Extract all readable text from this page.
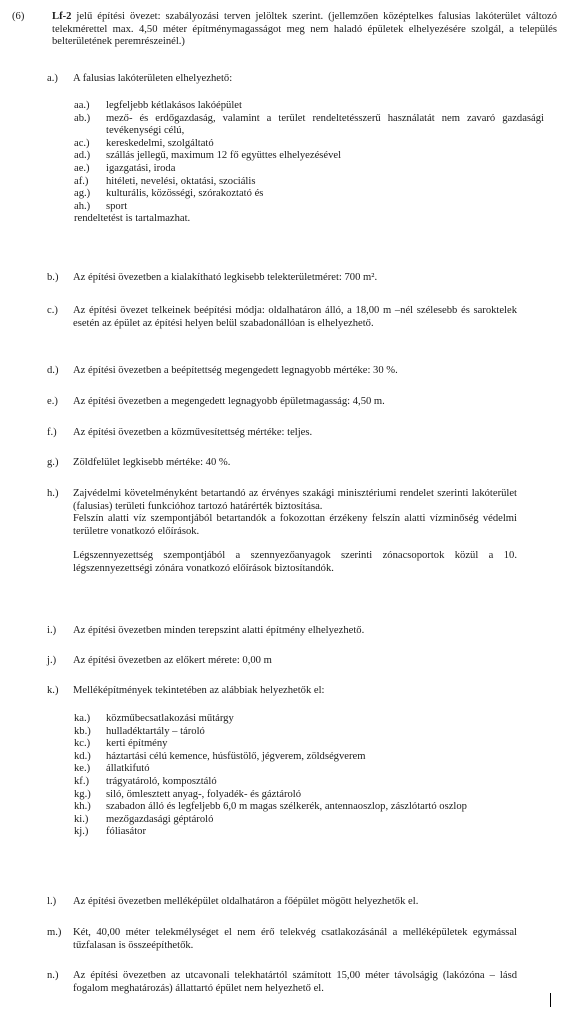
(6)	Lf-2 jelű építési övezet: szabályozási terven jelöltek szerint. (jellemzően középtelkes falusias lakóterület változó telekmérettel max. 4,50 méter építménymagasságot meg nem haladó épületek elhelyezésére szolgál, a település belterületének peremrészeinél.)
a.)	A falusias lakóterületen elhelyezhető:
aa.)	legfeljebb kétlakásos lakóépület
ab.)	mező- és erdőgazdaság, valamint a terület rendeltetésszerű használatát nem zavaró gazdasági tevékenységi célú,
ac.)	kereskedelmi, szolgáltató
ad.)	szállás jellegű, maximum 12 fő együttes elhelyezésével
ae.)	igazgatási, iroda
af.)	hitéleti, nevelési, oktatási, szociális
ag.)	kulturális, közösségi, szórakoztató és
ah.)	sport
rendeltetést is tartalmazhat.
b.)	Az építési övezetben a kialakítható legkisebb telekterületméret: 700 m².
c.)	Az építési övezet telkeinek beépítési módja: oldalhatáron álló, a 18,00 m –nél szélesebb és saroktelek esetén az épület az építési helyen belül szabadonállóan is elhelyezhető.
d.)	Az építési övezetben a beépítettség megengedett legnagyobb mértéke: 30 %.
e.)	Az építési övezetben a megengedett legnagyobb épületmagasság: 4,50 m.
f.)	Az építési övezetben a közművesítettség mértéke: teljes.
g.)	Zöldfelület legkisebb mértéke: 40 %.
h.)	Zajvédelmi követelményként betartandó az érvényes szakági minisztériumi rendelet szerinti lakóterület (falusias) területi funkcióhoz tartozó határérték biztosítása.

Felszín alatti víz szempontjából betartandók a fokozottan érzékeny felszín alatti vízminőség védelmi területre vonatkozó előírások.

Légszennyezettség szempontjából a szennyezőanyagok szerinti zónacsoportok közül a 10. légszennyezettségi zónára vonatkozó előírások biztosítandók.

i.)	Az építési övezetben minden terepszint alatti építmény elhelyezhető.
j.)	Az építési övezetben az előkert mérete: 0,00 m
k.)	Melléképítmények tekintetében az alábbiak helyezhetők el:
ka.)	közműbecsatlakozási műtárgy
kb.)	hulladéktartály – tároló
kc.)	kerti építmény
kd.)	háztartási célú kemence, húsfüstölő, jégverem, zöldségverem
ke.)	állatkifutó
kf.)	trágyatároló, komposztáló
kg.)	siló, ömlesztett anyag-, folyadék- és gáztároló
kh.)	szabadon álló és legfeljebb 6,0 m magas szélkerék, antennaoszlop, zászlótartó oszlop
ki.)	mezőgazdasági géptároló
kj.)	fóliasátor
l.)	Az építési övezetben melléképület oldalhatáron a főépület mögött helyezhetők el.
m.)	Két, 40,00 méter telekmélységet el nem érő telekvég csatlakozásánál a melléképületek egymással tűzfalasan is összeépíthetők.
n.)	Az építési övezetben az utcavonali telekhatártól számított 15,00 méter távolságig (lakózóna – lásd fogalom meghatározás) állattartó épület nem helyezhető el.
